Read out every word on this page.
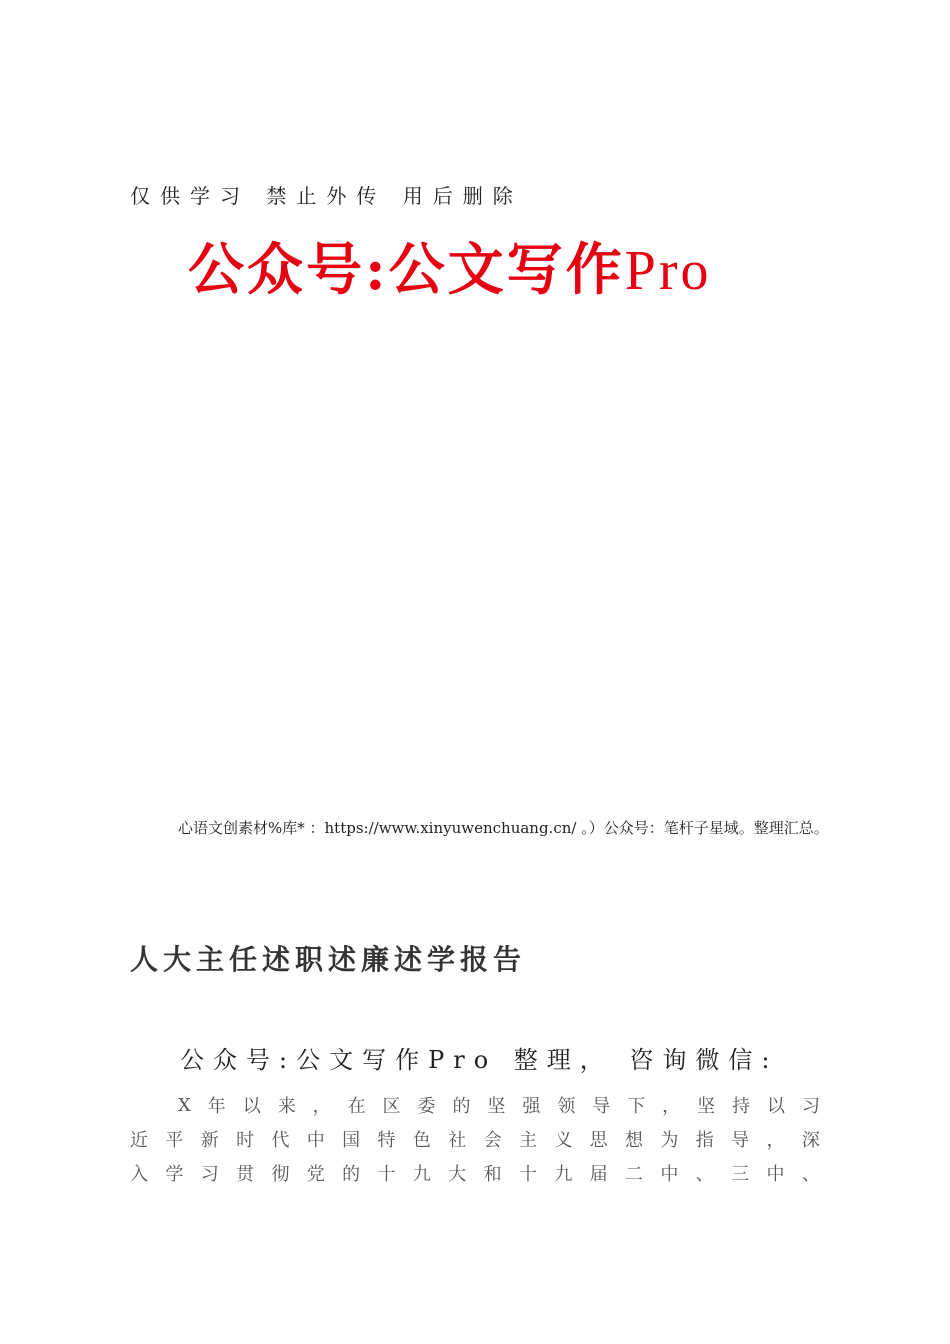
仅供学习 禁止外传 用后删除
公众号:公文写作Pro
心语文创素材%库* ：https://www.xinyuwenchuang.cn/ 。）公众号：笔杆子星域。整理汇总。
人大主任述职述廉述学报告
公众号:公文写作Pro 整理， 咨询微信:
X 年 以 来 ， 在 区 委 的 坚 强 领 导 下 ， 坚 持 以 习
近 平 新 时 代 中 国 特 色 社 会 主 义 思 想 为 指 导 ， 深
入 学 习 贯 彻 党 的 十 九 大 和 十 九 届 二 中 、 三 中 、
